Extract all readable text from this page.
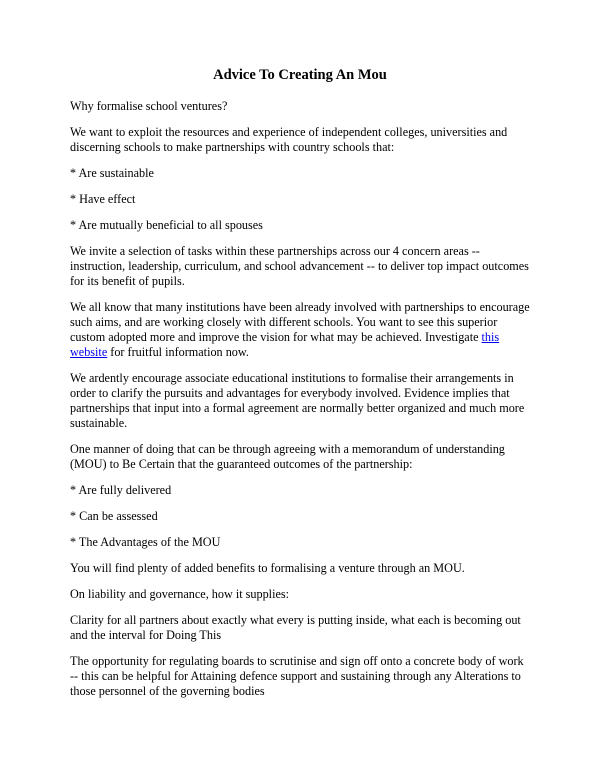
Advice To Creating An Mou

Why formalise school ventures?

We want to exploit the resources and experience of independent colleges, universities and discerning schools to make partnerships with country schools that:

* Are sustainable

* Have effect

* Are mutually beneficial to all spouses

We invite a selection of tasks within these partnerships across our 4 concern areas -- instruction, leadership, curriculum, and school advancement -- to deliver top impact outcomes for its benefit of pupils.

We all know that many institutions have been already involved with partnerships to encourage such aims, and are working closely with different schools. You want to see this superior custom adopted more and improve the vision for what may be achieved. Investigate this website for fruitful information now.

We ardently encourage associate educational institutions to formalise their arrangements in order to clarify the pursuits and advantages for everybody involved. Evidence implies that partnerships that input into a formal agreement are normally better organized and much more sustainable.

One manner of doing that can be through agreeing with a memorandum of understanding (MOU) to Be Certain that the guaranteed outcomes of the partnership:

* Are fully delivered

* Can be assessed

* The Advantages of the MOU

You will find plenty of added benefits to formalising a venture through an MOU.

On liability and governance, how it supplies:

Clarity for all partners about exactly what every is putting inside, what each is becoming out and the interval for Doing This

The opportunity for regulating boards to scrutinise and sign off onto a concrete body of work -- this can be helpful for Attaining defence support and sustaining through any Alterations to those personnel of the governing bodies
